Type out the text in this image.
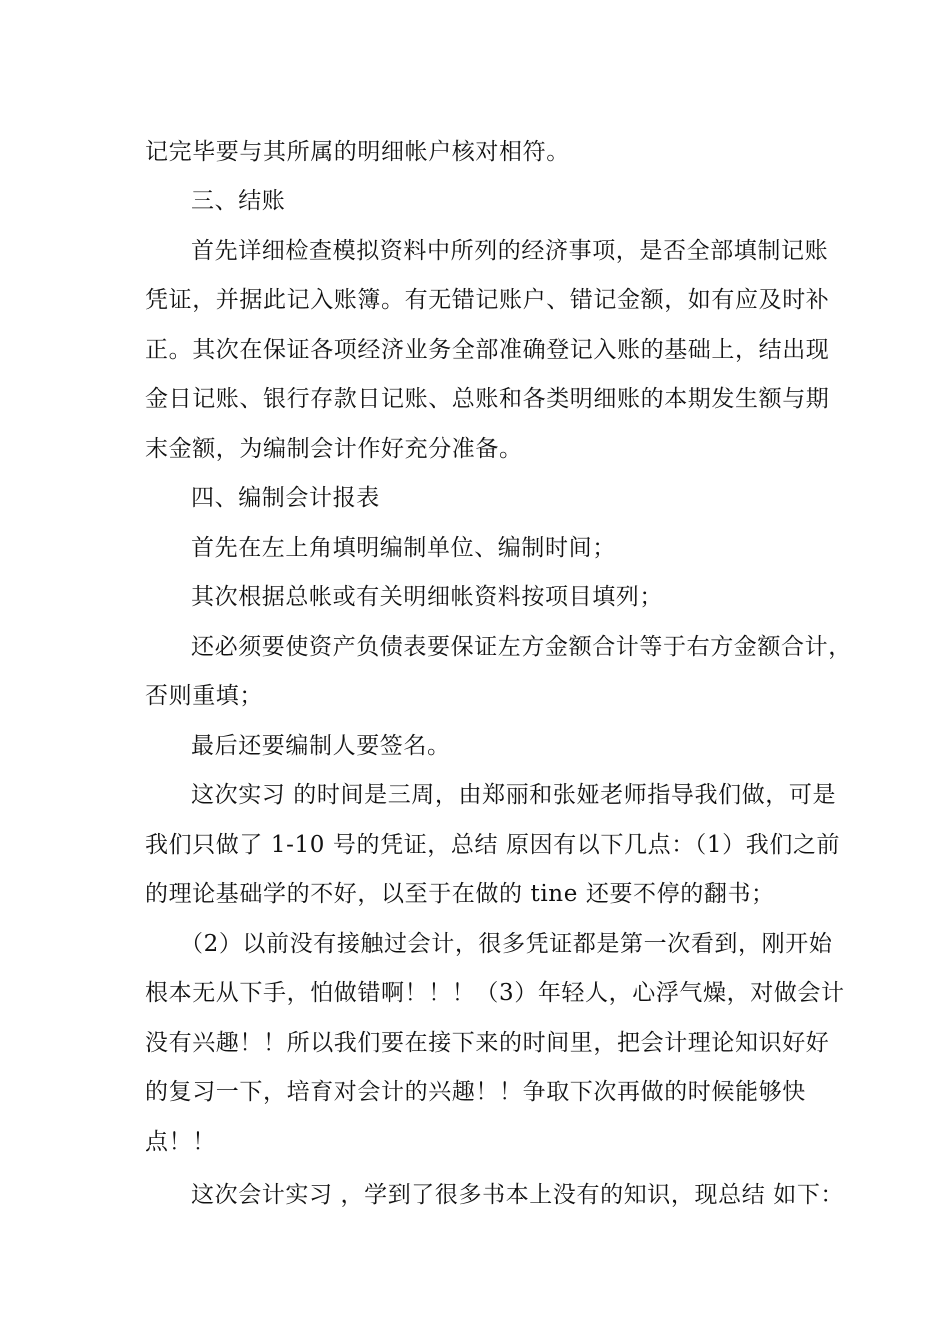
记完毕要与其所属的明细帐户核对相符。

三、结账

首先详细检查模拟资料中所列的经济事项，是否全部填制记账

凭证，并据此记入账簿。有无错记账户、错记金额，如有应及时补

正。其次在保证各项经济业务全部准确登记入账的基础上，结出现

金日记账、银行存款日记账、总账和各类明细账的本期发生额与期

末金额，为编制会计作好充分准备。

四、编制会计报表

首先在左上角填明编制单位、编制时间；

其次根据总帐或有关明细帐资料按项目填列；

还必须要使资产负债表要保证左方金额合计等于右方金额合计，

否则重填；

最后还要编制人要签名。

这次实习 的时间是三周，由郑丽和张娅老师指导我们做，可是

我们只做了 1-10 号的凭证，总结 原因有以下几点：（1）我们之前

的理论基础学的不好，以至于在做的 tine 还要不停的翻书；

（2）以前没有接触过会计，很多凭证都是第一次看到，刚开始

根本无从下手，怕做错啊！！！（3）年轻人，心浮气燥，对做会计

没有兴趣！！所以我们要在接下来的时间里，把会计理论知识好好

的复习一下，培育对会计的兴趣！！争取下次再做的时候能够快

点！！

这次会计实习 ，学到了很多书本上没有的知识，现总结 如下：
